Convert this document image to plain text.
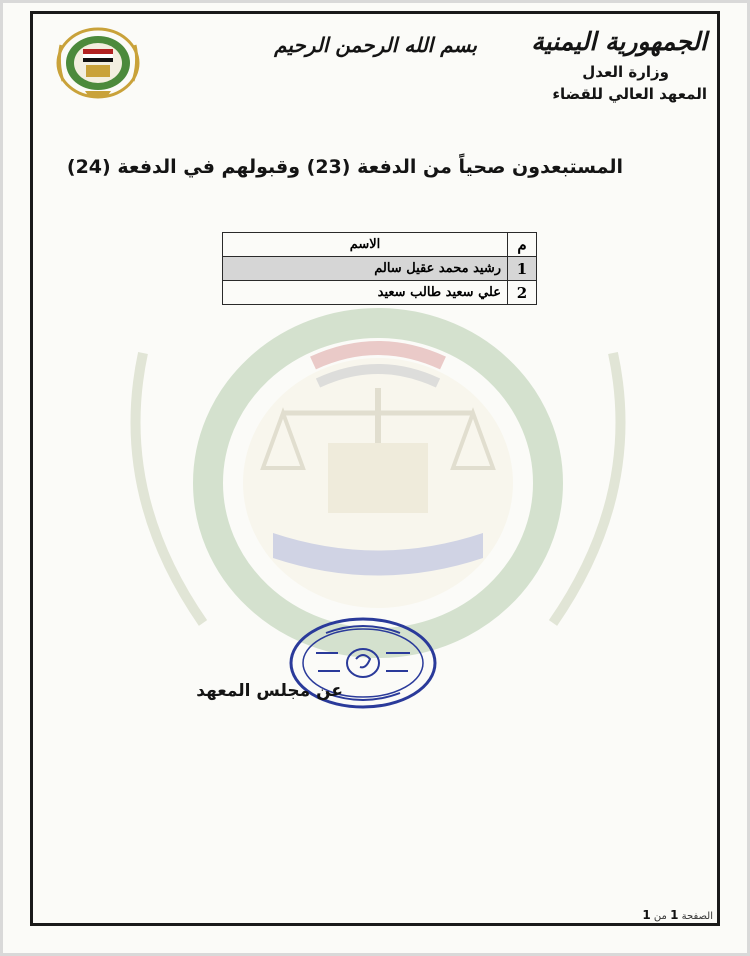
بسم الله الرحمن الرحيم	الجمهورية اليمنية
وزارة العدل
المعهد العالي للقضاء
المستبعدون صحياً من الدفعة (23) وقبولهم في الدفعة (24)
م	الاسم
1	رشيد محمد عقيل سالم
2	علي سعيد طالب سعيد
عن مجلس المعهد
الصفحة 1 من 1
